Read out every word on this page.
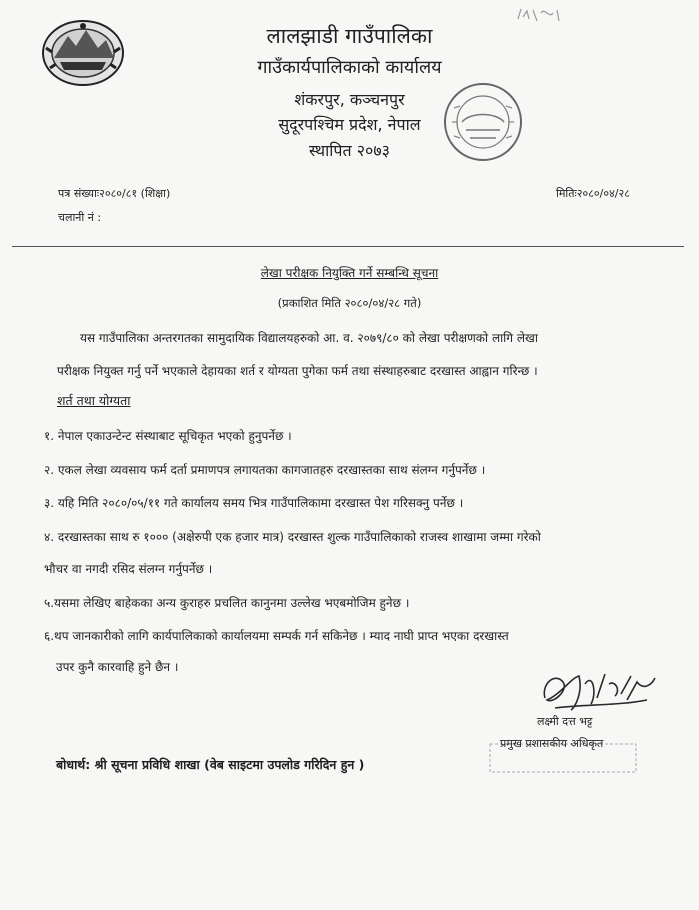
लालझाडी गाउँपालिका
गाउँकार्यपालिकाको कार्यालय
शंकरपुर, कञ्चनपुर
सुदूरपश्चिम प्रदेश, नेपाल
स्थापित २०७३
पत्र संख्याः२०८०/८१ (शिक्षा)
चलानी नं :
मितिः२०८०/०४/२८
लेखा परीक्षक नियुक्ति गर्ने सम्बन्धि सूचना
(प्रकाशित मिति २०८०/०४/२८ गते)
यस गाउँपालिका अन्तरगतका सामुदायिक विद्यालयहरुको आ. व. २०७९/८० को लेखा परीक्षणको लागि लेखा
परीक्षक नियुक्त गर्नु पर्ने भएकाले देहायका शर्त र योग्यता पुगेका फर्म तथा संस्थाहरुबाट दरखास्त आह्वान गरिन्छ ।
शर्त तथा योग्यता
१. नेपाल एकाउन्टेन्ट संस्थाबाट सूचिकृत भएको हुनुपर्नेछ ।
२. एकल लेखा व्यवसाय फर्म दर्ता प्रमाणपत्र लगायतका कागजातहरु दरखास्तका साथ संलग्न गर्नुपर्नेछ ।
३. यहि मिति २०८०/०५/११ गते कार्यालय समय भित्र गाउँपालिकामा दरखास्त पेश गरिसक्नु पर्नेछ ।
४. दरखास्तका साथ रु १००० (अक्षेरुपी एक हजार मात्र) दरखास्त शुल्क गाउँपालिकाको राजस्व शाखामा जम्मा गरेको
भौचर वा नगदी रसिद संलग्न गर्नुपर्नेछ ।
५.यसमा लेखिए बाहेकका अन्य कुराहरु प्रचलित कानुनमा उल्लेख भएबमोजिम हुनेछ ।
६.थप जानकारीको लागि कार्यपालिकाको कार्यालयमा सम्पर्क गर्न सकिनेछ । म्याद नाघी प्राप्त भएका दरखास्त
उपर कुनै कारवाहि हुने छैन ।
लक्ष्मी दत्त भट्ट
प्रमुख प्रशासकीय अधिकृत
बोधार्थ: श्री सूचना प्रविधि शाखा (वेब साइटमा उपलोड गरिदिन हुन )
